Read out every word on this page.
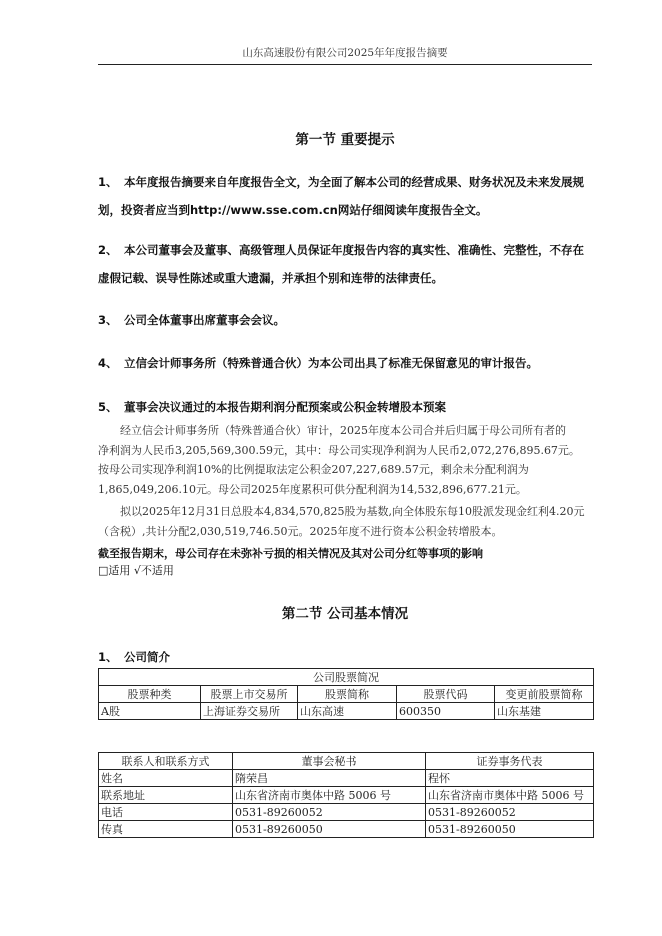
山东高速股份有限公司2025年年度报告摘要
第一节 重要提示
1、 本年度报告摘要来自年度报告全文，为全面了解本公司的经营成果、财务状况及未来发展规
划，投资者应当到http://www.sse.com.cn网站仔细阅读年度报告全文。
2、 本公司董事会及董事、高级管理人员保证年度报告内容的真实性、准确性、完整性，不存在
虚假记载、误导性陈述或重大遗漏，并承担个别和连带的法律责任。
3、 公司全体董事出席董事会会议。
4、 立信会计师事务所（特殊普通合伙）为本公司出具了标准无保留意见的审计报告。
5、 董事会决议通过的本报告期利润分配预案或公积金转增股本预案
经立信会计师事务所（特殊普通合伙）审计，2025年度本公司合并后归属于母公司所有者的
净利润为人民币3,205,569,300.59元，其中：母公司实现净利润为人民币2,072,276,895.67元。
按母公司实现净利润10%的比例提取法定公积金207,227,689.57元，剩余未分配利润为
1,865,049,206.10元。母公司2025年度累积可供分配利润为14,532,896,677.21元。
拟以2025年12月31日总股本4,834,570,825股为基数,向全体股东每10股派发现金红利4.20元
（含税）,共计分配2,030,519,746.50元。2025年度不进行资本公积金转增股本。
截至报告期末，母公司存在未弥补亏损的相关情况及其对公司分红等事项的影响
□适用 √不适用
第二节 公司基本情况
1、 公司简介
公司股票简况				
股票种类	股票上市交易所	股票简称	股票代码	变更前股票简称
A股	上海证券交易所	山东高速	600350	山东基建
联系人和联系方式	董事会秘书	证券事务代表
姓名	隋荣昌	程怀
联系地址	山东省济南市奥体中路 5006 号	山东省济南市奥体中路 5006 号
电话	0531-89260052	0531-89260052
传真	0531-89260050	0531-89260050
